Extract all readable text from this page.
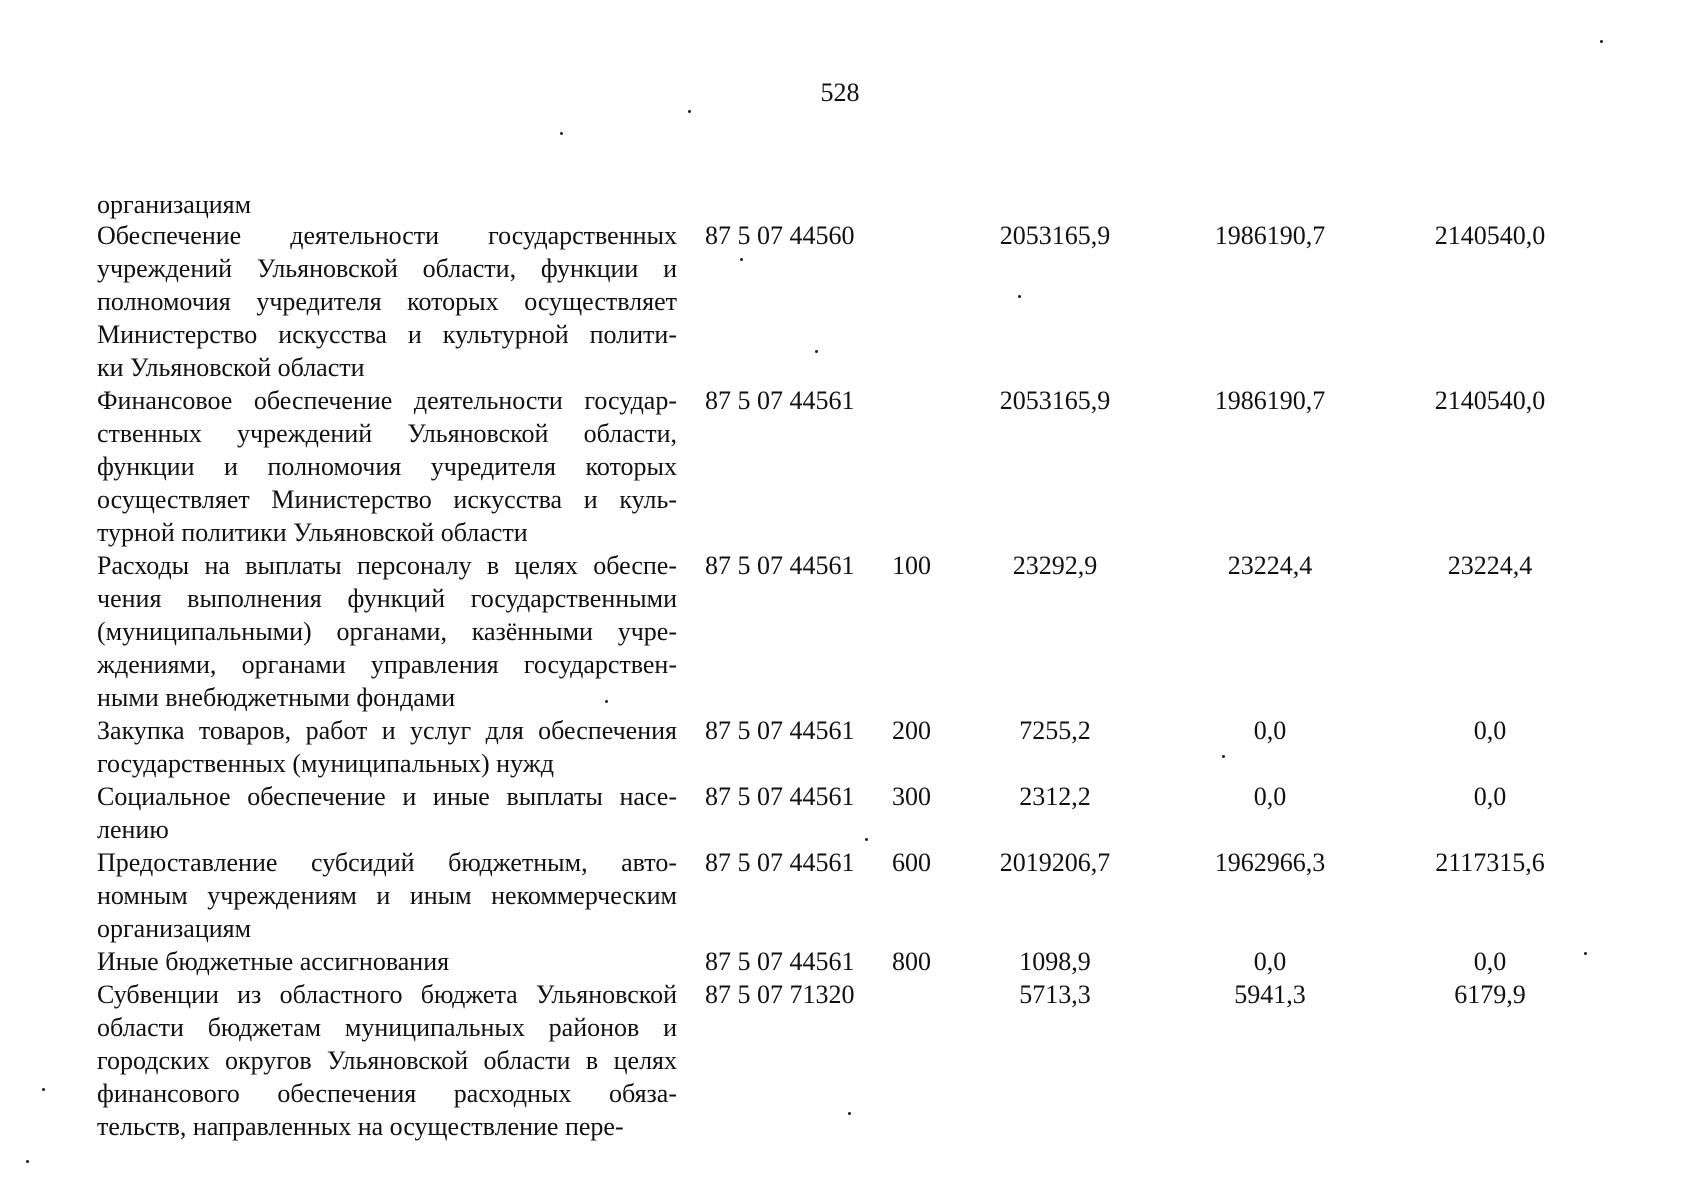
528
организациям
Обеспечение деятельности государственных
учреждений Ульяновской области, функции и
полномочия учредителя которых осуществляет
Министерство искусства и культурной полити-
ки Ульяновской области
87 5 07 44560	2053165,9	1986190,7	2140540,0
Финансовое обеспечение деятельности государ-
ственных учреждений Ульяновской области,
функции и полномочия учредителя которых
осуществляет Министерство искусства и куль-
турной политики Ульяновской области
87 5 07 44561	2053165,9	1986190,7	2140540,0
Расходы на выплаты персоналу в целях обеспе-
чения выполнения функций государственными
(муниципальными) органами, казёнными учре-
ждениями, органами управления государствен-
ными внебюджетными фондами
87 5 07 44561 100	23292,9	23224,4	23224,4
Закупка товаров, работ и услуг для обеспечения
государственных (муниципальных) нужд
87 5 07 44561 200	7255,2	0,0	0,0
Социальное обеспечение и иные выплаты насе-
лению
87 5 07 44561 300	2312,2	0,0	0,0
Предоставление субсидий бюджетным, авто-
номным учреждениям и иным некоммерческим
организациям
87 5 07 44561 600	2019206,7	1962966,3	2117315,6
Иные бюджетные ассигнования	87 5 07 44561 800	1098,9	0,0	0,0
Субвенции из областного бюджета Ульяновской
области бюджетам муниципальных районов и
городских округов Ульяновской области в целях
финансового обеспечения расходных обяза-
тельств, направленных на осуществление пере-
87 5 07 71320	5713,3	5941,3	6179,9
